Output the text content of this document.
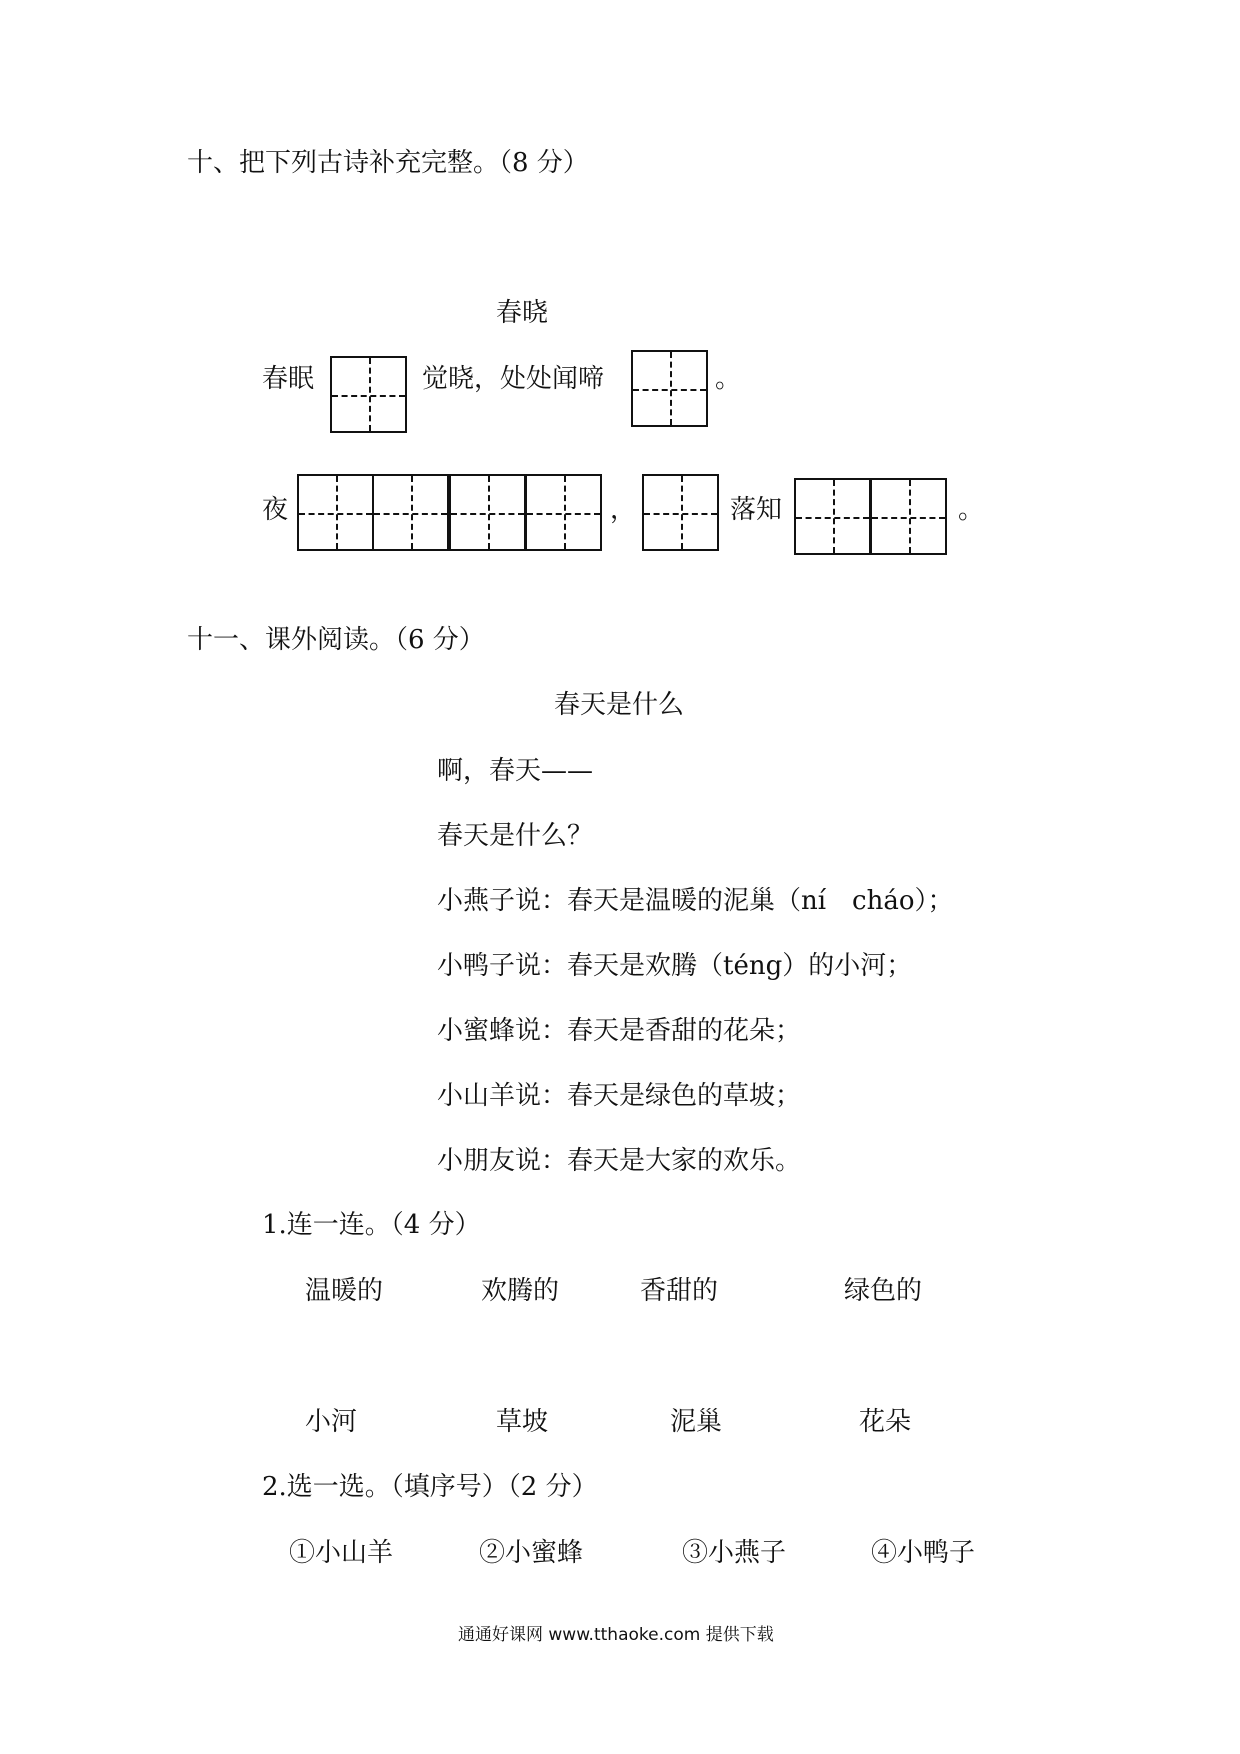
十、把下列古诗补充完整。（8 分）
春晓
春眠	觉晓，处处闻啼	。
夜	，	落知	。
十一、课外阅读。（6 分）
春天是什么
啊，春天——
春天是什么？
小燕子说：春天是温暖的泥巢（ní　cháo）；
小鸭子说：春天是欢腾（téng）的小河；
小蜜蜂说：春天是香甜的花朵；
小山羊说：春天是绿色的草坡；
小朋友说：春天是大家的欢乐。
1.连一连。（4 分）
温暖的	欢腾的	香甜的	绿色的
小河	草坡	泥巢	花朵
2.选一选。（填序号）（2 分）
①小山羊	②小蜜蜂	③小燕子	④小鸭子
通通好课网 www.tthaoke.com 提供下载
